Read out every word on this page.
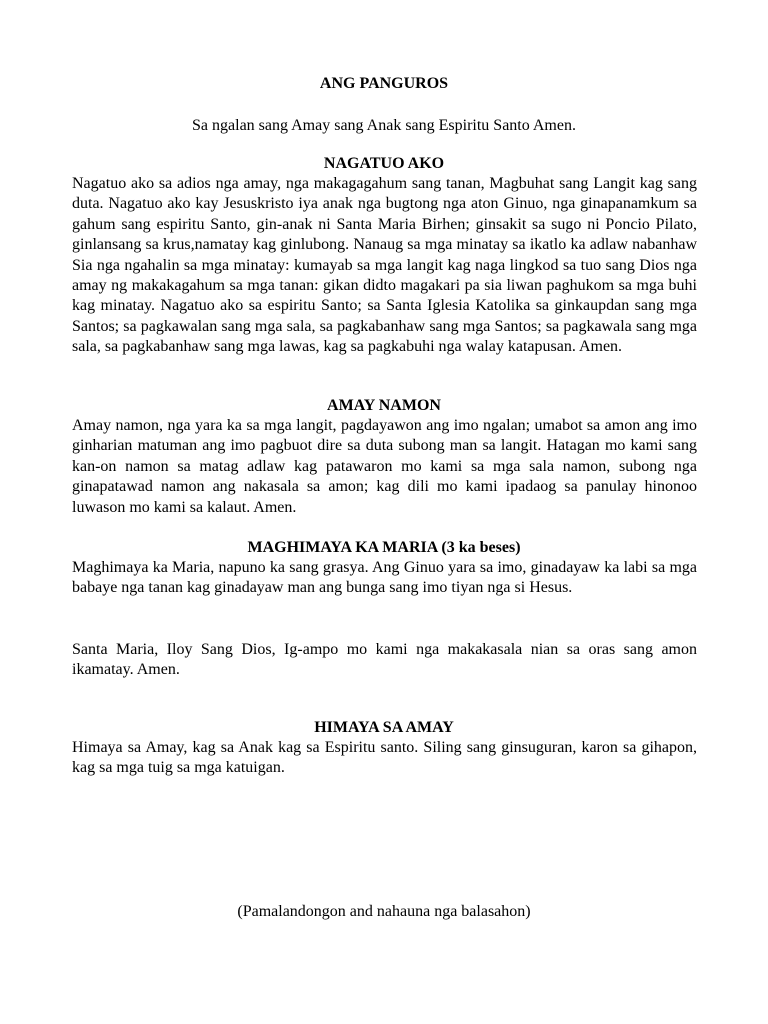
ANG PANGUROS
Sa ngalan sang Amay sang Anak sang Espiritu Santo Amen.
NAGATUO AKO

Nagatuo ako sa adios nga amay, nga makagagahum sang tanan, Magbuhat sang Langit kag sang duta. Nagatuo ako kay Jesuskristo iya anak nga bugtong nga aton Ginuo, nga ginapanamkum sa gahum sang espiritu Santo, gin-anak ni Santa Maria Birhen; ginsakit sa sugo ni Poncio Pilato, ginlansang sa krus,namatay kag ginlubong. Nanaug sa mga minatay sa ikatlo ka adlaw nabanhaw Sia nga ngahalin sa mga minatay: kumayab sa mga langit kag naga lingkod sa tuo sang Dios nga amay ng makakagahum sa mga tanan: gikan didto magakari pa sia liwan paghukom sa mga buhi kag minatay. Nagatuo ako sa espiritu Santo; sa Santa Iglesia Katolika sa ginkaupdan sang mga Santos; sa pagkawalan sang mga sala, sa pagkabanhaw sang mga Santos; sa pagkawala sang mga sala, sa pagkabanhaw sang mga lawas, kag sa pagkabuhi nga walay katapusan. Amen.

AMAY NAMON

Amay namon, nga yara ka sa mga langit, pagdayawon ang imo ngalan; umabot sa amon ang imo ginharian matuman ang imo pagbuot dire sa duta subong man sa langit. Hatagan mo kami sang kan-on namon sa matag adlaw kag patawaron mo kami sa mga sala namon, subong nga ginapatawad namon ang nakasala sa amon; kag dili mo kami ipadaog sa panulay hinonoo luwason mo kami sa kalaut. Amen.

MAGHIMAYA KA MARIA (3 ka beses)

Maghimaya ka Maria, napuno ka sang grasya. Ang Ginuo yara sa imo, ginadayaw ka labi sa mga babaye nga tanan kag ginadayaw man ang bunga sang imo tiyan nga si Hesus.

Santa Maria, Iloy Sang Dios, Ig-ampo mo kami nga makakasala nian sa oras sang amon ikamatay. Amen.

HIMAYA SA AMAY

Himaya sa Amay, kag sa Anak kag sa Espiritu santo. Siling sang ginsuguran, karon sa gihapon, kag sa mga tuig sa mga katuigan.

(Pamalandongon and nahauna nga balasahon)
